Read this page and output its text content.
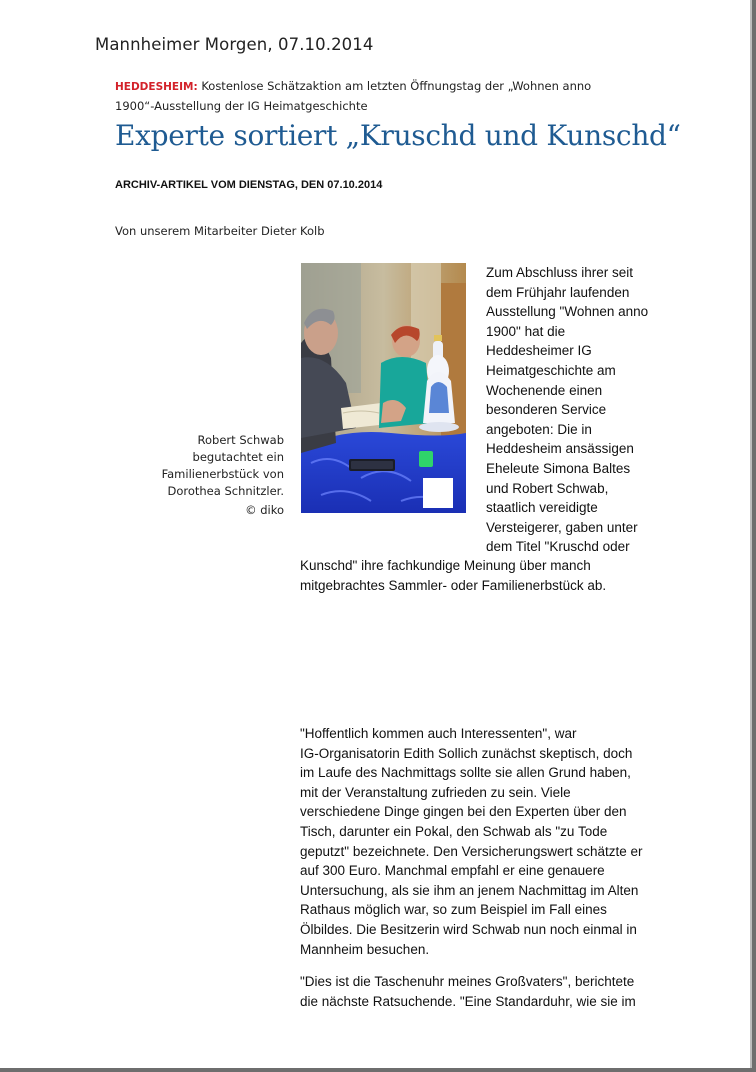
Mannheimer Morgen, 07.10.2014
HEDDESHEIM: Kostenlose Schätzaktion am letzten Öffnungstag der „Wohnen anno
1900“-Ausstellung der IG Heimatgeschichte
Experte sortiert „Kruschd und Kunschd“
ARCHIV-ARTIKEL VOM DIENSTAG, DEN 07.10.2014
Von unserem Mitarbeiter Dieter Kolb
Robert Schwab
begutachtet ein
Familienerbstück von
Dorothea Schnitzler.
© diko
Zum Abschluss ihrer seit
dem Frühjahr laufenden
Ausstellung "Wohnen anno
1900" hat die
Heddesheimer IG
Heimatgeschichte am
Wochenende einen
besonderen Service
angeboten: Die in
Heddesheim ansässigen
Eheleute Simona Baltes
und Robert Schwab,
staatlich vereidigte
Versteigerer, gaben unter
dem Titel "Kruschd oder
Kunschd" ihre fachkundige Meinung über manch
mitgebrachtes Sammler- oder Familienerbstück ab.
"Hoffentlich kommen auch Interessenten", war
IG-Organisatorin Edith Sollich zunächst skeptisch, doch
im Laufe des Nachmittags sollte sie allen Grund haben,
mit der Veranstaltung zufrieden zu sein. Viele
verschiedene Dinge gingen bei den Experten über den
Tisch, darunter ein Pokal, den Schwab als "zu Tode
geputzt" bezeichnete. Den Versicherungswert schätzte er
auf 300 Euro. Manchmal empfahl er eine genauere
Untersuchung, als sie ihm an jenem Nachmittag im Alten
Rathaus möglich war, so zum Beispiel im Fall eines
Ölbildes. Die Besitzerin wird Schwab nun noch einmal in
Mannheim besuchen.
"Dies ist die Taschenuhr meines Großvaters", berichtete
die nächste Ratsuchende. "Eine Standarduhr, wie sie im
